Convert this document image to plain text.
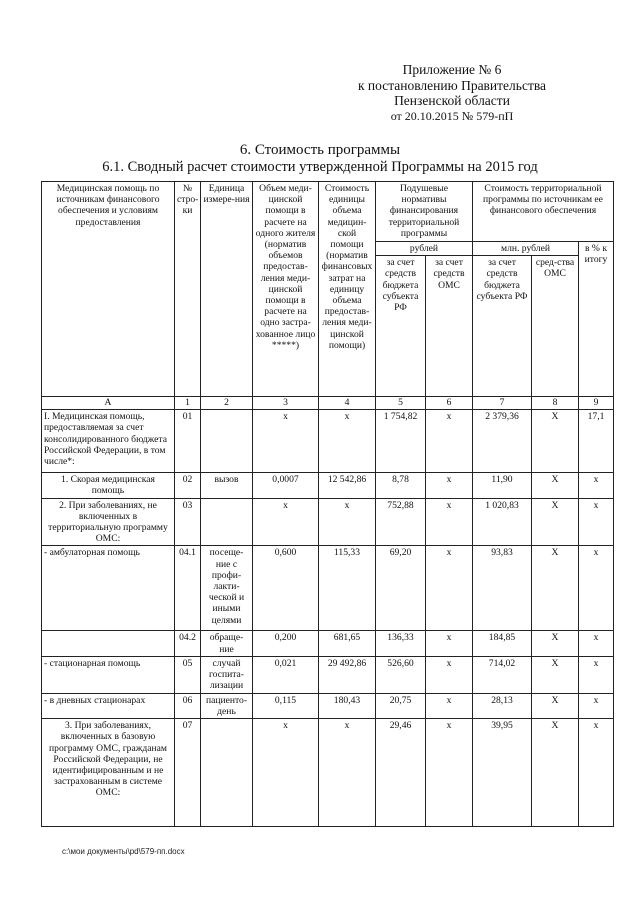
Приложение № 6
к постановлению Правительства
Пензенской области
от 20.10.2015 № 579-пП
6. Стоимость программы
6.1. Сводный расчет стоимости утвержденной Программы на 2015 год
Медицинская помощь по источникам финансового обеспечения и условиям предоставления	№ стро-ки	Единица измере-ния	Объем меди-цинской помощи в расчете на одного жителя (норматив объемов предостав-ления меди-цинской помощи в расчете на одно застра-хованное лицо *****)	Стоимость единицы объема медицин-ской помощи (норматив финансовых затрат на единицу объема предостав-ления меди-цинской помощи)	Подушевые нормативы финансирования территориальной программы		Стоимость территориальной программы по источникам ее финансового обеспечения		
					рублей		млн. рублей		в % к итогу
					за счет средств бюджета субъекта РФ	за счет средств ОМС	за счет средств бюджета субъекта РФ	сред-ства ОМС	
А	1	2	3	4	5	6	7	8	9
I. Медицинская помощь, предоставляемая за счет консолидированного бюджета Российской Федерации, в том числе*:	01		х	х	1 754,82	х	2 379,36	Х	17,1
1. Скорая медицинская помощь	02	вызов	0,0007	12 542,86	8,78	х	11,90	Х	х
2. При заболеваниях, не включенных в территориальную программу ОМС:	03		х	х	752,88	х	1 020,83	Х	х
- амбулаторная помощь	04.1	посеще-ние с профи-лакти-ческой и иными целями	0,600	115,33	69,20	х	93,83	Х	х
	04.2	обраще-ние	0,200	681,65	136,33	х	184,85	Х	х
- стационарная помощь	05	случай госпита-лизации	0,021	29 492,86	526,60	х	714,02	Х	х
- в дневных стационарах	06	пациенто-день	0,115	180,43	20,75	х	28,13	Х	х
3. При заболеваниях, включенных в базовую программу ОМС, гражданам Российской Федерации, не идентифицированным и не застрахованным в системе ОМС:	07		х	х	29,46	х	39,95	Х	х
c:\мои документы\pd\579-пп.docx
